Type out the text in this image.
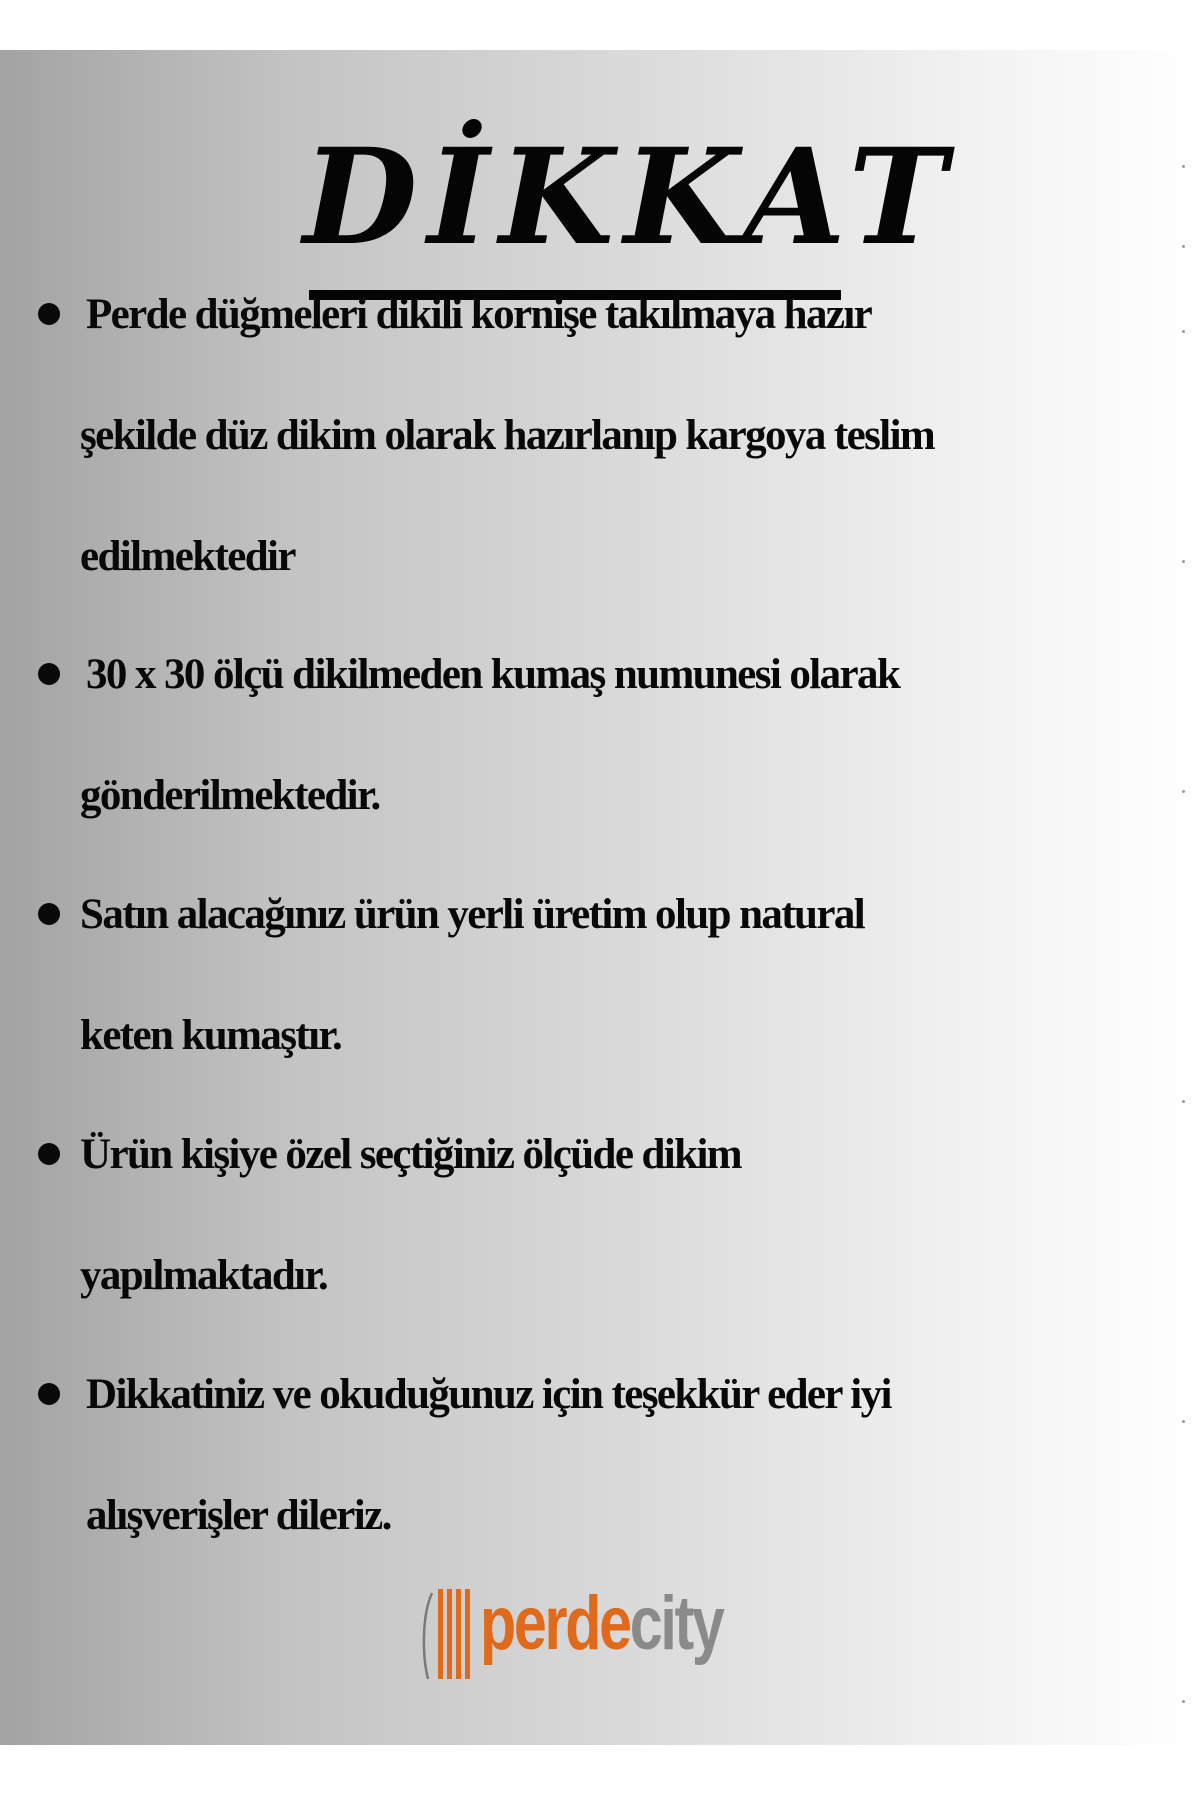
DİKKAT
Perde düğmeleri dikili kornişe takılmaya hazır
şekilde düz dikim olarak hazırlanıp kargoya teslim
edilmektedir
30 x 30 ölçü dikilmeden kumaş numunesi olarak
gönderilmektedir.
Satın alacağınız ürün yerli üretim olup natural
keten kumaştır.
Ürün kişiye özel seçtiğiniz ölçüde dikim
yapılmaktadır.
Dikkatiniz ve okuduğunuz için teşekkür eder iyi
alışverişler dileriz.
perdecity
